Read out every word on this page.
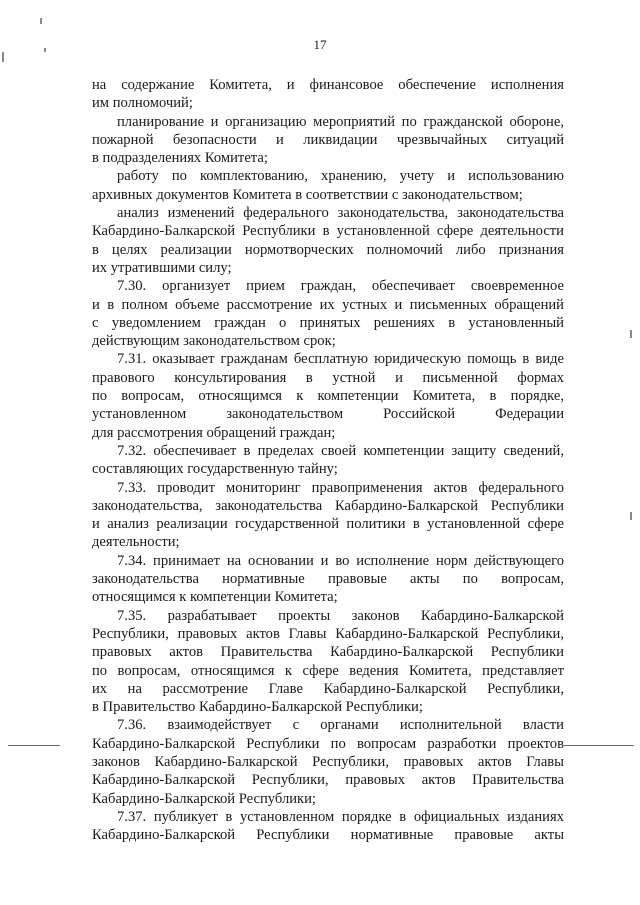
17
на содержание Комитета, и финансовое обеспечение исполнения
им полномочий;
планирование и организацию мероприятий по гражданской обороне,
пожарной безопасности и ликвидации чрезвычайных ситуаций
в подразделениях Комитета;
работу по комплектованию, хранению, учету и использованию
архивных документов Комитета в соответствии с законодательством;
анализ изменений федерального законодательства, законодательства
Кабардино-Балкарской Республики в установленной сфере деятельности
в целях реализации нормотворческих полномочий либо признания
их утратившими силу;
7.30. организует прием граждан, обеспечивает своевременное
и в полном объеме рассмотрение их устных и письменных обращений
с уведомлением граждан о принятых решениях в установленный
действующим законодательством срок;
7.31. оказывает гражданам бесплатную юридическую помощь в виде
правового консультирования в устной и письменной формах
по вопросам, относящимся к компетенции Комитета, в порядке,
установленном законодательством Российской Федерации
для рассмотрения обращений граждан;
7.32. обеспечивает в пределах своей компетенции защиту сведений,
составляющих государственную тайну;
7.33. проводит мониторинг правоприменения актов федерального
законодательства, законодательства Кабардино-Балкарской Республики
и анализ реализации государственной политики в установленной сфере
деятельности;
7.34. принимает на основании и во исполнение норм действующего
законодательства нормативные правовые акты по вопросам,
относящимся к компетенции Комитета;
7.35. разрабатывает проекты законов Кабардино-Балкарской
Республики, правовых актов Главы Кабардино-Балкарской Республики,
правовых актов Правительства Кабардино-Балкарской Республики
по вопросам, относящимся к сфере ведения Комитета, представляет
их на рассмотрение Главе Кабардино-Балкарской Республики,
в Правительство Кабардино-Балкарской Республики;
7.36. взаимодействует с органами исполнительной власти
Кабардино-Балкарской Республики по вопросам разработки проектов
законов Кабардино-Балкарской Республики, правовых актов Главы
Кабардино-Балкарской Республики, правовых актов Правительства
Кабардино-Балкарской Республики;
7.37. публикует в установленном порядке в официальных изданиях
Кабардино-Балкарской Республики нормативные правовые акты
